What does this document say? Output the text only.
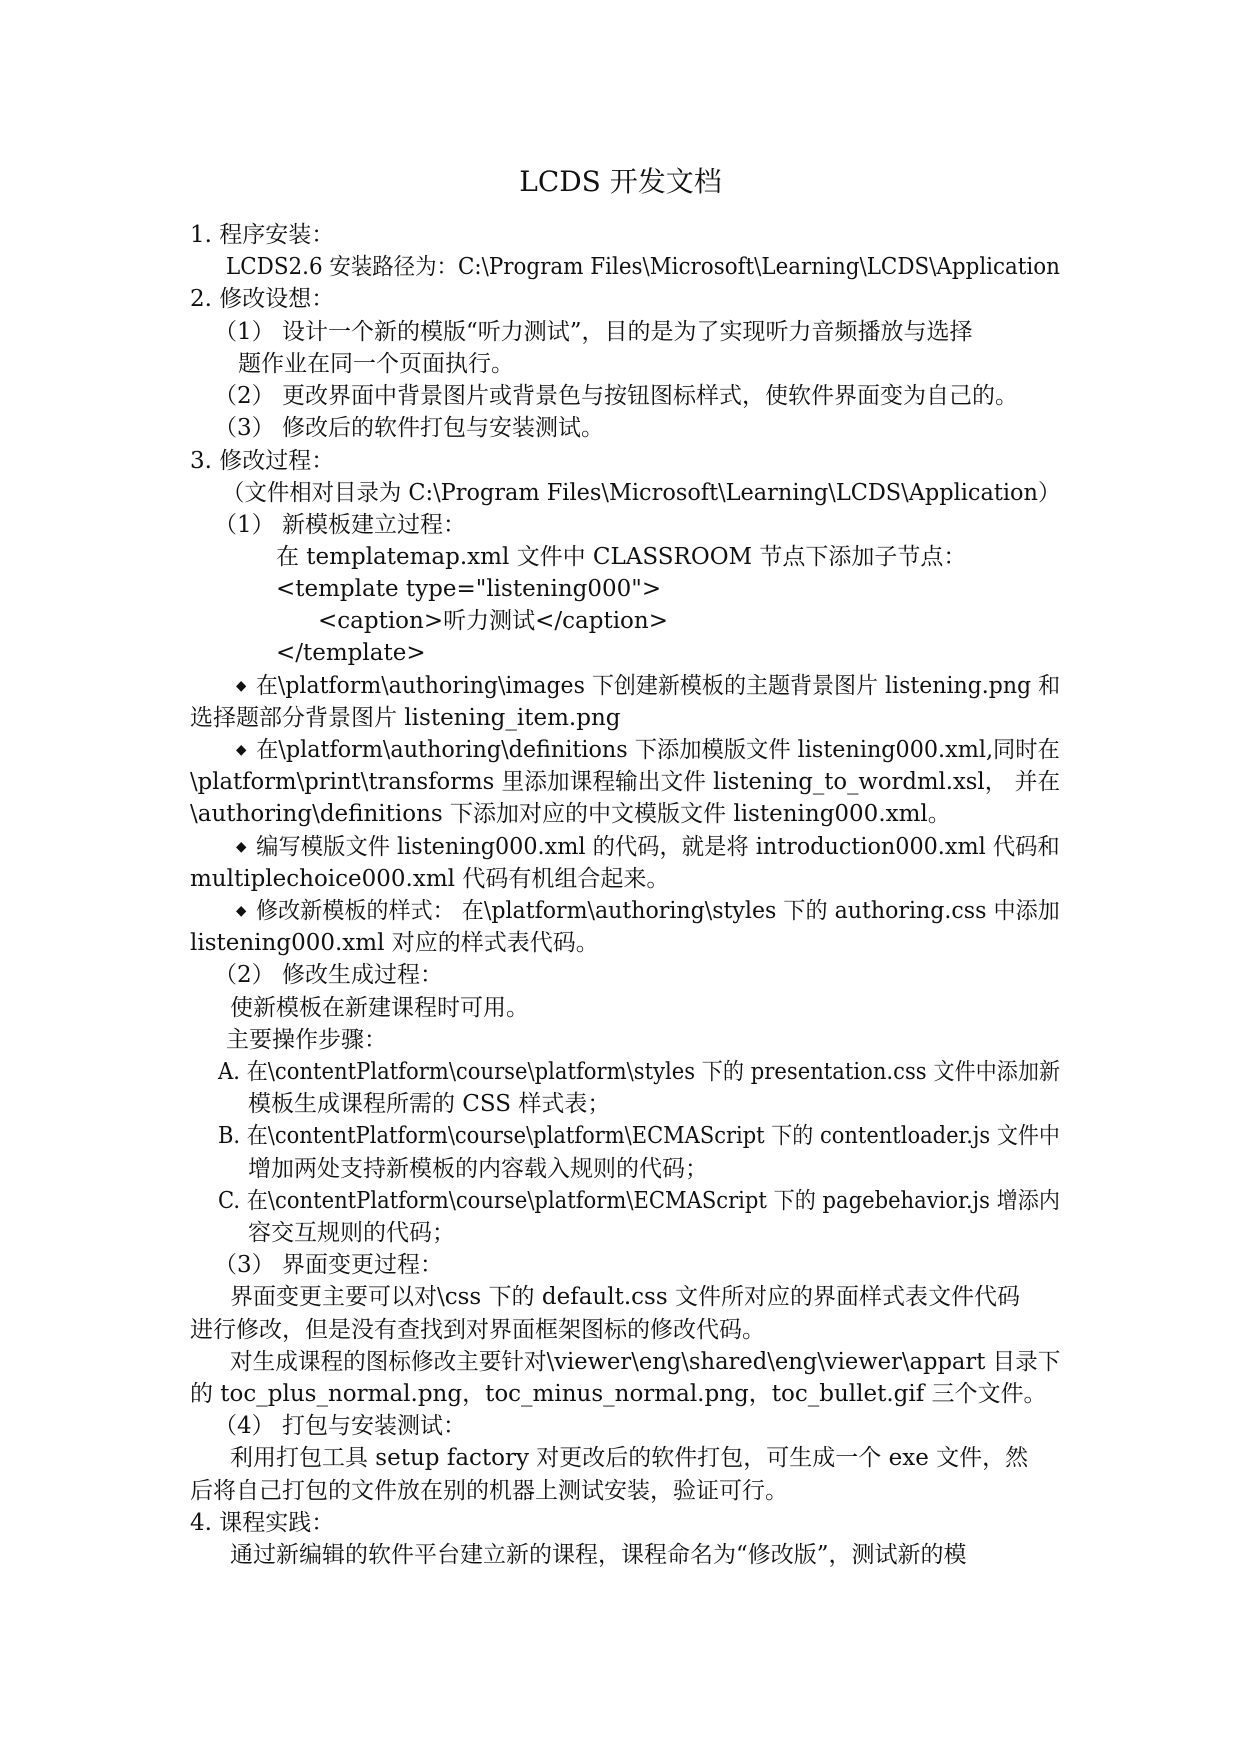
LCDS 开发文档
1. 程序安装：
LCDS2.6 安装路径为：C:\Program Files\Microsoft\Learning\LCDS\Application
2. 修改设想：
（1） 设计一个新的模版“听力测试”，目的是为了实现听力音频播放与选择
题作业在同一个页面执行。
（2） 更改界面中背景图片或背景色与按钮图标样式，使软件界面变为自己的。
（3） 修改后的软件打包与安装测试。
3. 修改过程：
（文件相对目录为 C:\Program Files\Microsoft\Learning\LCDS\Application）
（1） 新模板建立过程：
在 templatemap.xml 文件中 CLASSROOM 节点下添加子节点：
<template type="listening000">
<caption>听力测试</caption>
</template>
◆ 在\platform\authoring\images 下创建新模板的主题背景图片 listening.png 和
选择题部分背景图片 listening_item.png
◆ 在\platform\authoring\definitions 下添加模版文件 listening000.xml,同时在
\platform\print\transforms 里添加课程输出文件 listening_to_wordml.xsl， 并在
\authoring\definitions 下添加对应的中文模版文件 listening000.xml。
◆ 编写模版文件 listening000.xml 的代码，就是将 introduction000.xml 代码和
multiplechoice000.xml 代码有机组合起来。
◆ 修改新模板的样式： 在\platform\authoring\styles 下的 authoring.css 中添加
listening000.xml 对应的样式表代码。
（2） 修改生成过程：
使新模板在新建课程时可用。
主要操作步骤：
A. 在\contentPlatform\course\platform\styles 下的 presentation.css 文件中添加新
模板生成课程所需的 CSS 样式表；
B. 在\contentPlatform\course\platform\ECMAScript 下的 contentloader.js 文件中
增加两处支持新模板的内容载入规则的代码；
C. 在\contentPlatform\course\platform\ECMAScript 下的 pagebehavior.js 增添内
容交互规则的代码；
（3） 界面变更过程：
界面变更主要可以对\css 下的 default.css 文件所对应的界面样式表文件代码
进行修改，但是没有查找到对界面框架图标的修改代码。
对生成课程的图标修改主要针对\viewer\eng\shared\eng\viewer\appart 目录下
的 toc_plus_normal.png，toc_minus_normal.png，toc_bullet.gif 三个文件。
（4） 打包与安装测试：
利用打包工具 setup factory 对更改后的软件打包，可生成一个 exe 文件，然
后将自己打包的文件放在别的机器上测试安装，验证可行。
4. 课程实践：
通过新编辑的软件平台建立新的课程，课程命名为“修改版”，测试新的模
